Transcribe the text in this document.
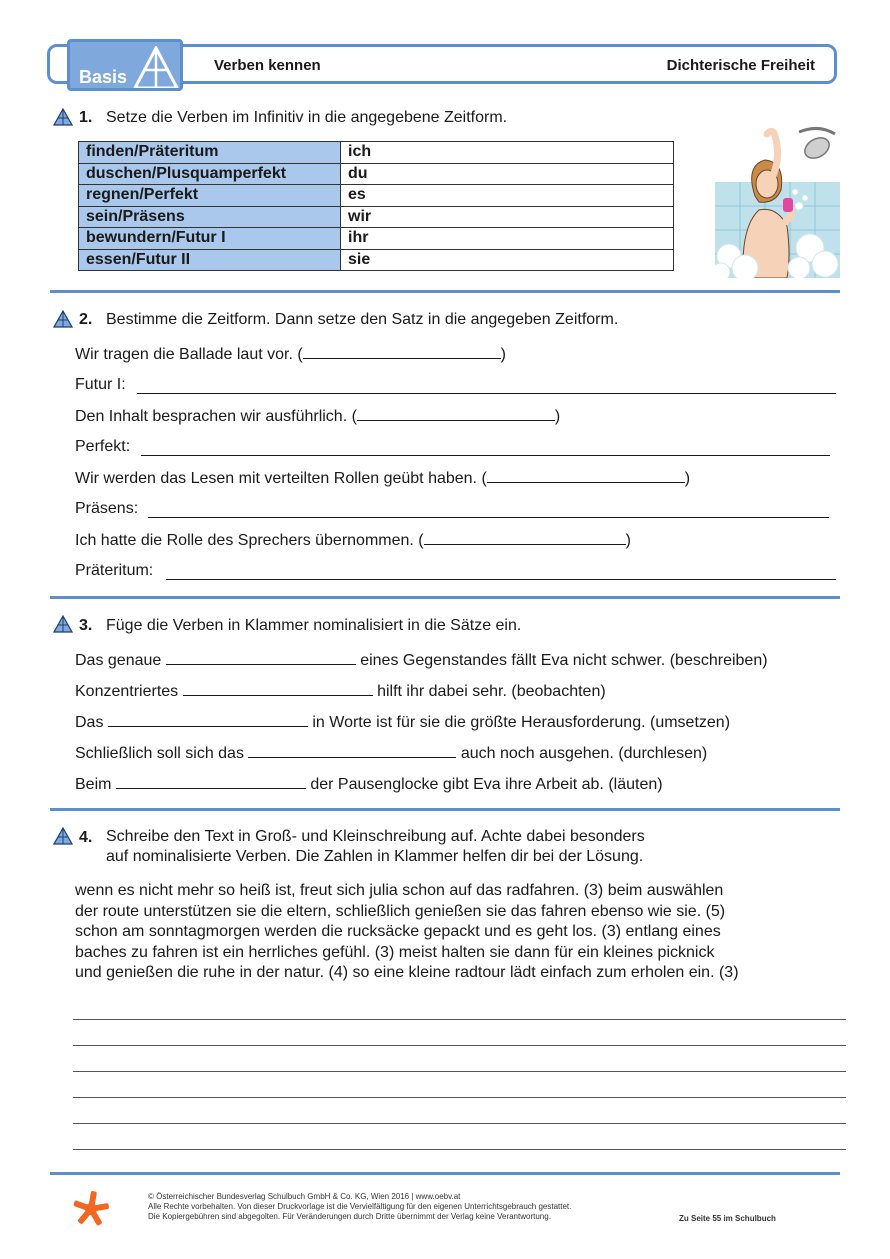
Basis
Verben kennen	Dichterische Freiheit
1. Setze die Verben im Infinitiv in die angegebene Zeitform.
finden/Präteritum	ich
duschen/Plusquamperfekt	du
regnen/Perfekt	es
sein/Präsens	wir
bewundern/Futur I	ihr
essen/Futur II	sie
2. Bestimme die Zeitform. Dann setze den Satz in die angegeben Zeitform.
Wir tragen die Ballade laut vor. (	)
Futur I:
Den Inhalt besprachen wir ausführlich. (	)
Perfekt:
Wir werden das Lesen mit verteilten Rollen geübt haben. (	)
Präsens:
Ich hatte die Rolle des Sprechers übernommen. (	)
Präteritum:
3. Füge die Verben in Klammer nominalisiert in die Sätze ein.
Das genaue	eines Gegenstandes fällt Eva nicht schwer. (beschreiben)
Konzentriertes	hilft ihr dabei sehr. (beobachten)
Das	in Worte ist für sie die größte Herausforderung. (umsetzen)
Schließlich soll sich das	auch noch ausgehen. (durchlesen)
Beim	der Pausenglocke gibt Eva ihre Arbeit ab. (läuten)
4. Schreibe den Text in Groß- und Kleinschreibung auf. Achte dabei besonders
auf nominalisierte Verben. Die Zahlen in Klammer helfen dir bei der Lösung.
wenn es nicht mehr so heiß ist, freut sich julia schon auf das radfahren. (3) beim auswählen
der route unterstützen sie die eltern, schließlich genießen sie das fahren ebenso wie sie. (5)
schon am sonntagmorgen werden die rucksäcke gepackt und es geht los. (3) entlang eines
baches zu fahren ist ein herrliches gefühl. (3) meist halten sie dann für ein kleines picknick
und genießen die ruhe in der natur. (4) so eine kleine radtour lädt einfach zum erholen ein. (3)
© Österreichischer Bundesverlag Schulbuch GmbH & Co. KG, Wien 2016 | www.oebv.at
Alle Rechte vorbehalten. Von dieser Druckvorlage ist die Vervielfältigung für den eigenen Unterrichtsgebrauch gestattet.
Die Kopiergebühren sind abgegolten. Für Veränderungen durch Dritte übernimmt der Verlag keine Verantwortung.	Zu Seite 55 im Schulbuch
